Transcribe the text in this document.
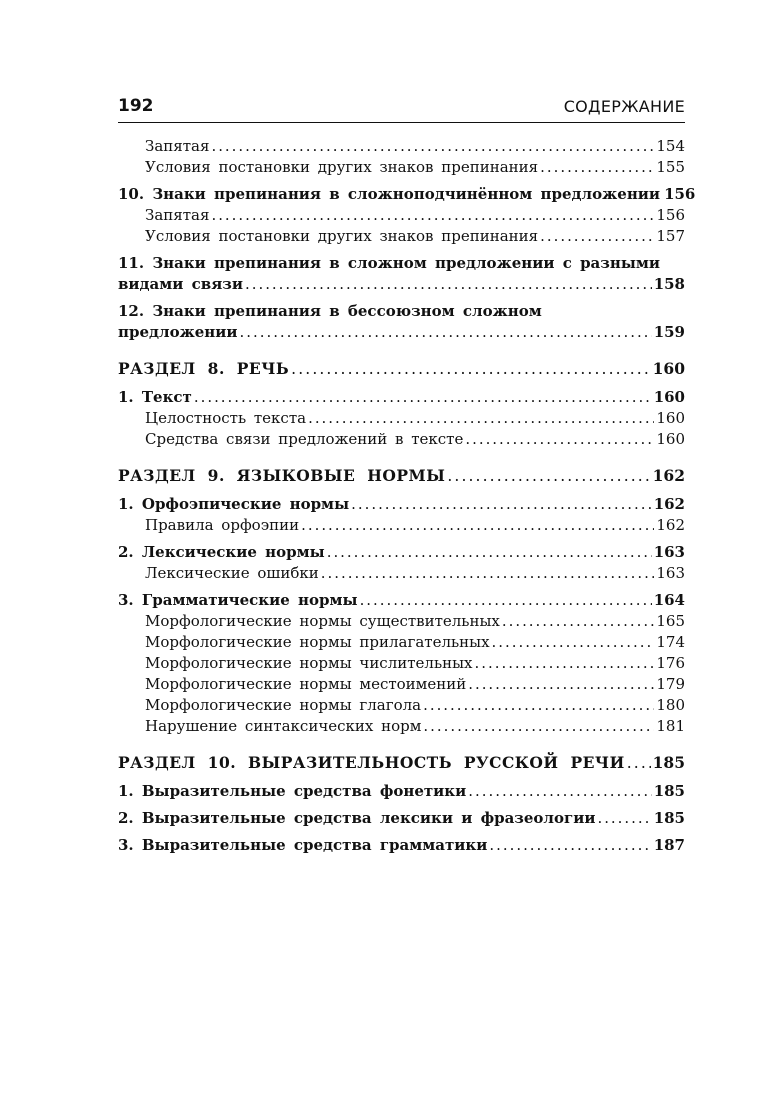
192	СОДЕРЖАНИЕ
Запятая . . .	154
Условия постановки других знаков препинания . . .	155
10. Знаки препинания в сложноподчинённом предложении 156
Запятая . . .	156
Условия постановки других знаков препинания . . .	157
11. Знаки препинания в сложном предложении с разными
видами связи . . .	158
12. Знаки препинания в бессоюзном сложном
предложении . . .	159
РАЗДЕЛ 8. РЕЧЬ . . .	160
1. Текст . . .	160
Целостность текста . . .	160
Средства связи предложений в тексте . . .	160
РАЗДЕЛ 9. ЯЗЫКОВЫЕ НОРМЫ . . .	162
1. Орфоэпические нормы . . .	162
Правила орфоэпии . . .	162
2. Лексические нормы . . .	163
Лексические ошибки . . .	163
3. Грамматические нормы . . .	164
Морфологические нормы существительных . . .	165
Морфологические нормы прилагательных . . .	174
Морфологические нормы числительных . . .	176
Морфологические нормы местоимений . . .	179
Морфологические нормы глагола . . .	180
Нарушение синтаксических норм . . .	181
РАЗДЕЛ 10. ВЫРАЗИТЕЛЬНОСТЬ РУССКОЙ РЕЧИ . . . 185
1. Выразительные средства фонетики . . .	185
2. Выразительные средства лексики и фразеологии . . .	185
3. Выразительные средства грамматики . . .	187
